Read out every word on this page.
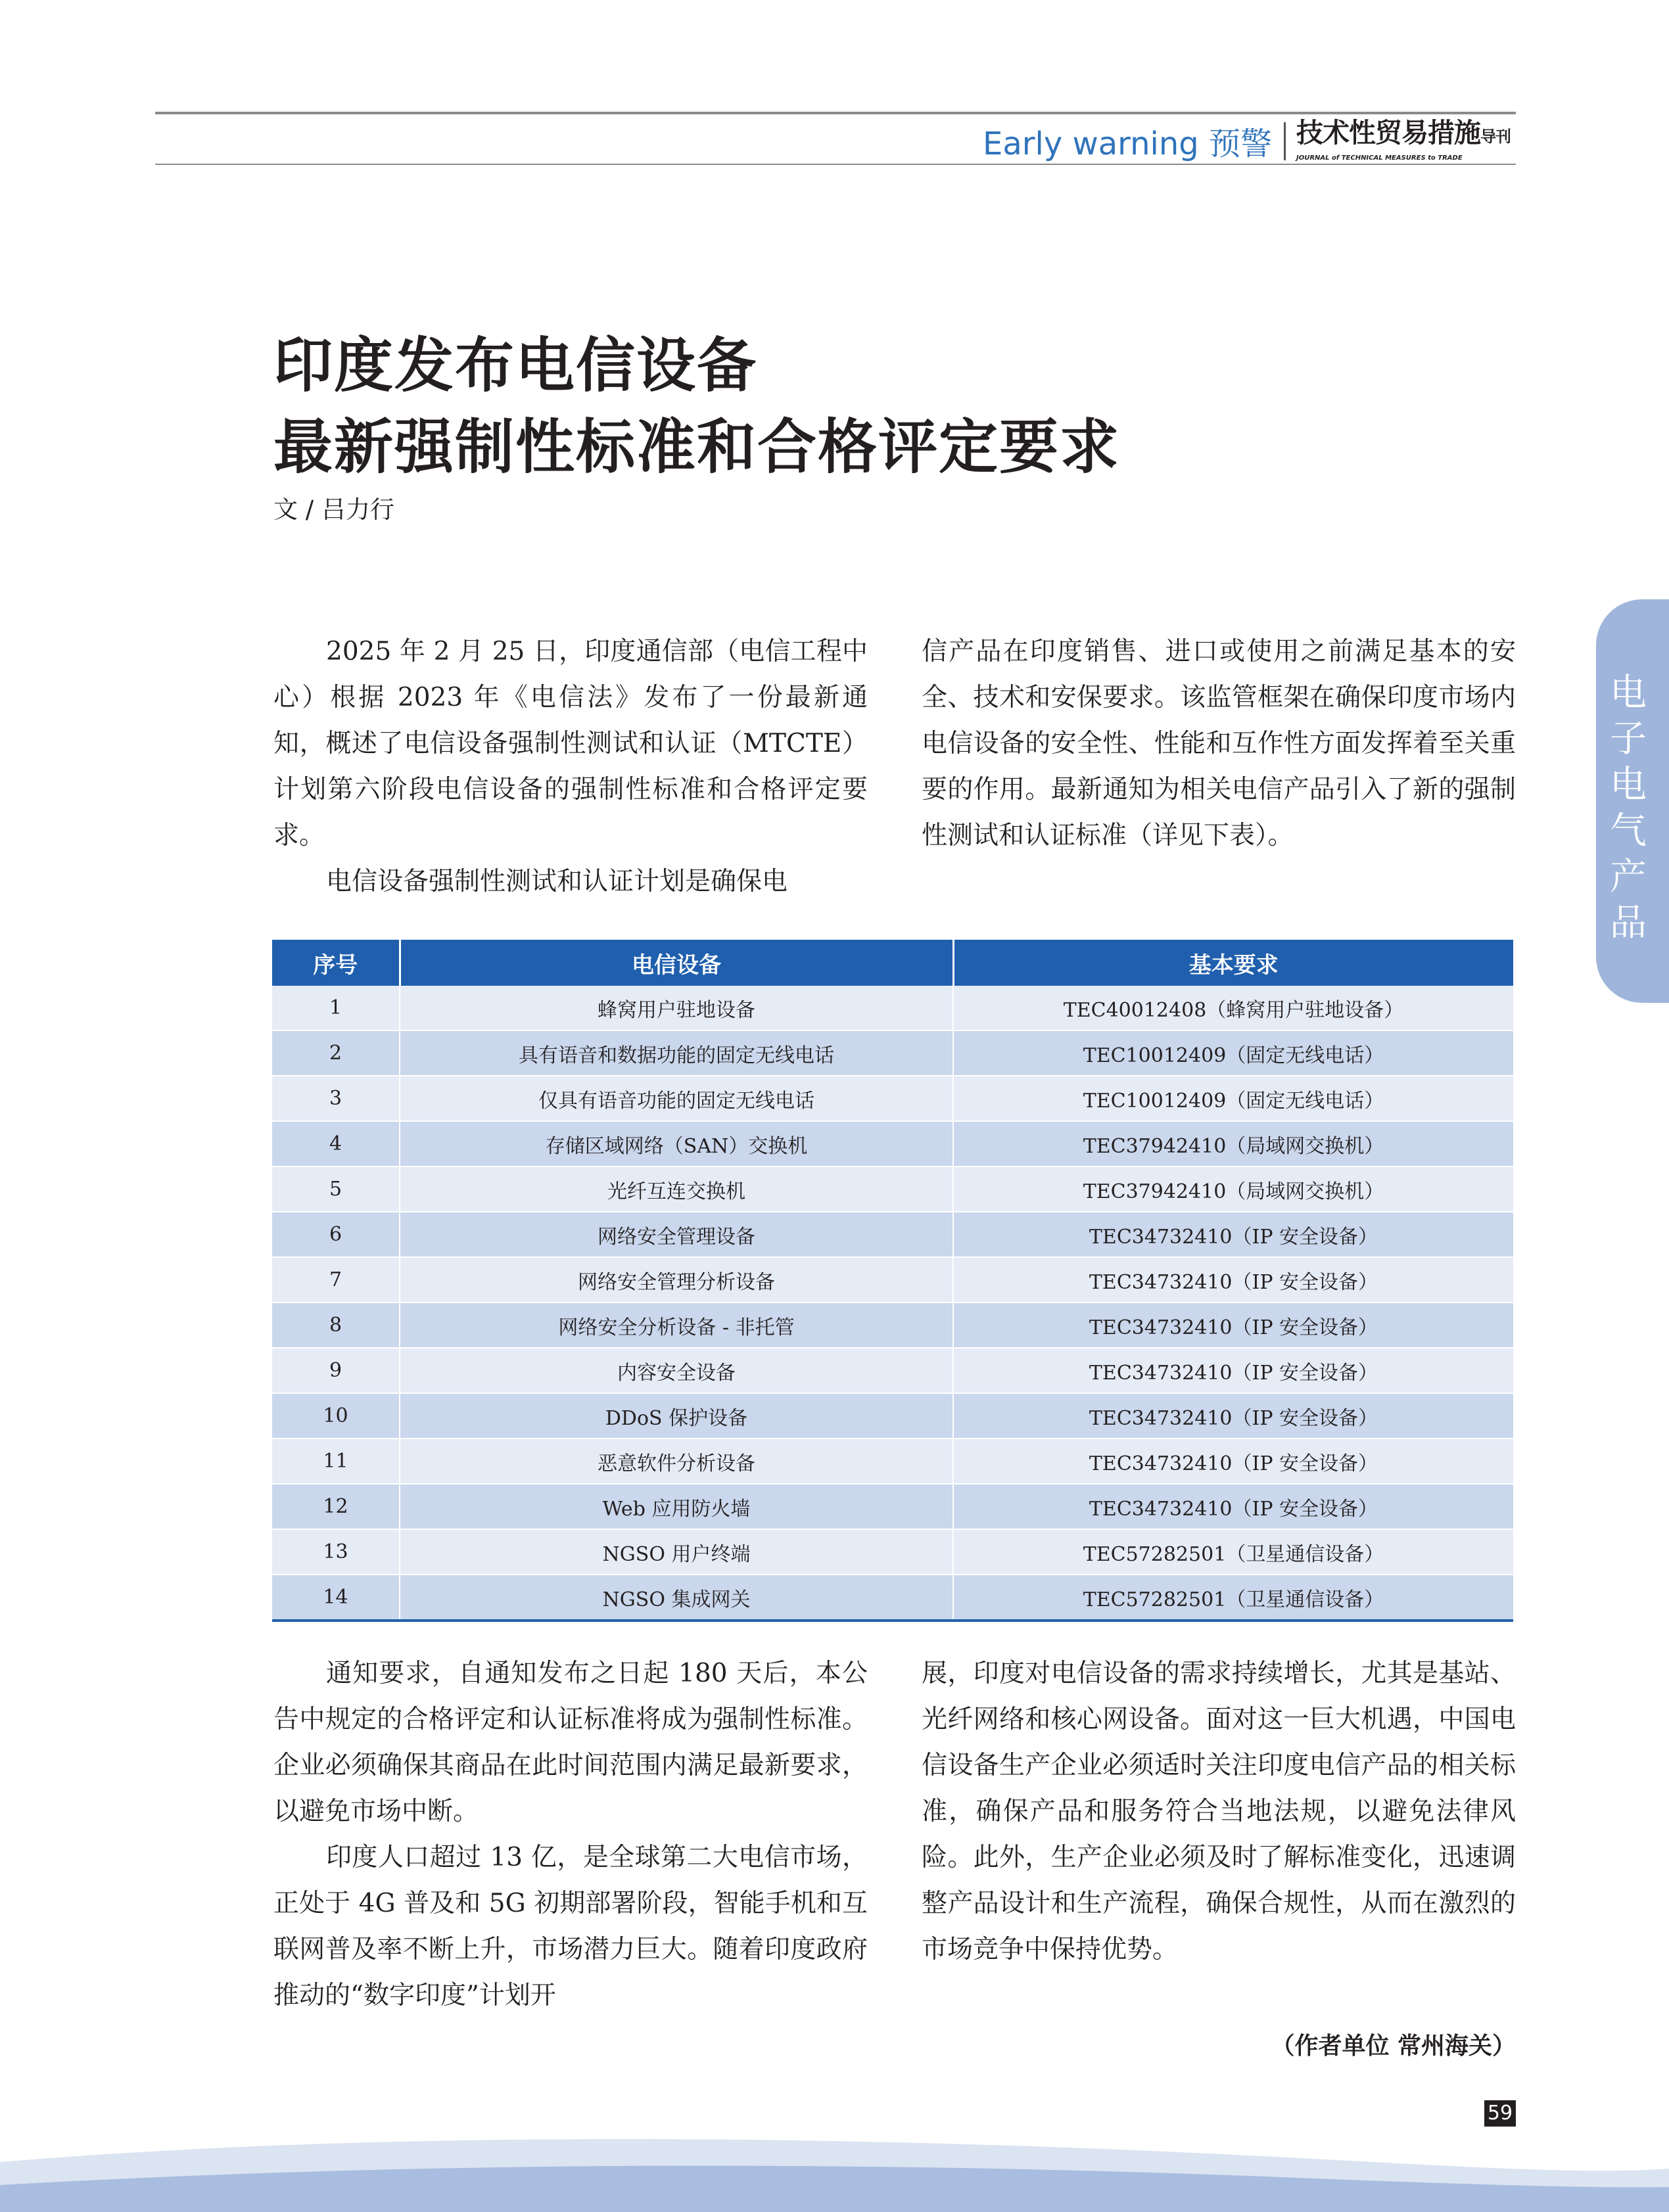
Early warning 预警 技术性贸易措施导刊
JOURNAL of TECHNICAL MEASURES to TRADE
印度发布电信设备
最新强制性标准和合格评定要求
文 / 吕力行
电子电气产品

2025 年 2 月 25 日，印度通信部（电信工程中心）根据 2023 年《电信法》发布了一份最新通知，概述了电信设备强制性测试和认证（MTCTE）计划第六阶段电信设备的强制性标准和合格评定要求。

电信设备强制性测试和认证计划是确保电

信产品在印度销售、进口或使用之前满足基本的安全、技术和安保要求。该监管框架在确保印度市场内电信设备的安全性、性能和互作性方面发挥着至关重要的作用。最新通知为相关电信产品引入了新的强制性测试和认证标准（详见下表）。

序号	电信设备	基本要求
1	蜂窝用户驻地设备	TEC40012408（蜂窝用户驻地设备）
2	具有语音和数据功能的固定无线电话	TEC10012409（固定无线电话）
3	仅具有语音功能的固定无线电话	TEC10012409（固定无线电话）
4	存储区域网络（SAN）交换机	TEC37942410（局域网交换机）
5	光纤互连交换机	TEC37942410（局域网交换机）
6	网络安全管理设备	TEC34732410（IP 安全设备）
7	网络安全管理分析设备	TEC34732410（IP 安全设备）
8	网络安全分析设备 - 非托管	TEC34732410（IP 安全设备）
9	内容安全设备	TEC34732410（IP 安全设备）
10	DDoS 保护设备	TEC34732410（IP 安全设备）
11	恶意软件分析设备	TEC34732410（IP 安全设备）
12	Web 应用防火墙	TEC34732410（IP 安全设备）
13	NGSO 用户终端	TEC57282501（卫星通信设备）
14	NGSO 集成网关	TEC57282501（卫星通信设备）

通知要求，自通知发布之日起 180 天后，本公告中规定的合格评定和认证标准将成为强制性标准。企业必须确保其商品在此时间范围内满足最新要求，以避免市场中断。

印度人口超过 13 亿，是全球第二大电信市场，正处于 4G 普及和 5G 初期部署阶段，智能手机和互联网普及率不断上升，市场潜力巨大。随着印度政府推动的“数字印度”计划开

展，印度对电信设备的需求持续增长，尤其是基站、光纤网络和核心网设备。面对这一巨大机遇，中国电信设备生产企业必须适时关注印度电信产品的相关标准，确保产品和服务符合当地法规，以避免法律风险。此外，生产企业必须及时了解标准变化，迅速调整产品设计和生产流程，确保合规性，从而在激烈的市场竞争中保持优势。

（作者单位 常州海关）
59
